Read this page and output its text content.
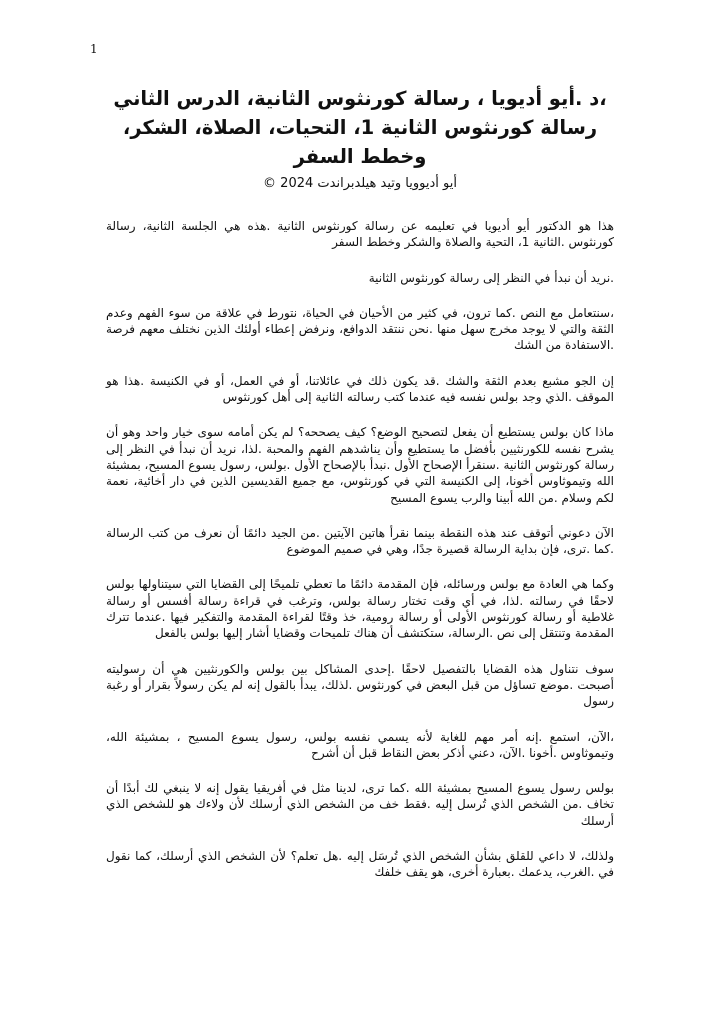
1
،د .أيو أديويا ، رسالة كورنثوس الثانية، الدرس الثاني رسالة كورنثوس الثانية 1، التحيات، الصلاة، الشكر، وخطط السفر
أيو أديوويا وتيد هيلدبراندت 2024 ©

هذا هو الدكتور أيو أديويا في تعليمه عن رسالة كورنثوس الثانية .هذه هي الجلسة الثانية، رسالة كورنثوس .الثانية 1، التحية والصلاة والشكر وخطط السفر

.نريد أن نبدأ في النظر إلى رسالة كورنثوس الثانية

،سنتعامل مع النص .كما ترون، في كثير من الأحيان في الحياة، نتورط في علاقة من سوء الفهم وعدم الثقة والتي لا يوجد مخرج سهل منها .نحن ننتقد الدوافع، ونرفض إعطاء أولئك الذين نختلف معهم فرصة .الاستفادة من الشك

إن الجو مشبع بعدم الثقة والشك .قد يكون ذلك في عائلاتنا، أو في العمل، أو في الكنيسة .هذا هو الموقف .الذي وجد بولس نفسه فيه عندما كتب رسالته الثانية إلى أهل كورنثوس

ماذا كان بولس يستطيع أن يفعل لتصحيح الوضع؟ كيف يصححه؟ لم يكن أمامه سوى خيار واحد وهو أن يشرح نفسه للكورنثيين بأفضل ما يستطيع وأن يناشدهم الفهم والمحبة .لذا، نريد أن نبدأ في النظر إلى رسالة كورنثوس الثانية .سنقرأ الإصحاح الأول .نبدأ بالإصحاح الأول .بولس، رسول يسوع المسيح، بمشيئة الله وتيموثاوس أخونا، إلى الكنيسة التي في كورنثوس، مع جميع القديسين الذين في دار أخائية، نعمة لكم وسلام .من الله أبينا والرب يسوع المسيح

الآن دعوني أتوقف عند هذه النقطة بينما نقرأ هاتين الآيتين .من الجيد دائمًا أن نعرف من كتب الرسالة .كما .ترى، فإن بداية الرسالة قصيرة جدًا، وهي في صميم الموضوع

وكما هي العادة مع بولس ورسائله، فإن المقدمة دائمًا ما تعطي تلميحًا إلى القضايا التي سيتناولها بولس لاحقًا في رسالته .لذا، في أي وقت تختار رسالة بولس، وترغب في قراءة رسالة أفسس أو رسالة غلاطية أو رسالة كورنثوس الأولى أو رسالة رومية، خذ وقتًا لقراءة المقدمة والتفكير فيها .عندما تترك المقدمة وتنتقل إلى نص .الرسالة، ستكتشف أن هناك تلميحات وقضايا أشار إليها بولس بالفعل

سوف نتناول هذه القضايا بالتفصيل لاحقًا .إحدى المشاكل بين بولس والكورنثيين هي أن رسوليته أصبحت .موضع تساؤل من قبل البعض في كورنثوس .لذلك، يبدأ بالقول إنه لم يكن رسولاً بقرار أو رغبة رسول

،الآن، استمع .إنه أمر مهم للغاية لأنه يسمي نفسه بولس، رسول يسوع المسيح ، بمشيئة الله، وتيموثاوس .أخونا .الآن، دعني أذكر بعض النقاط قبل أن أشرح

بولس رسول يسوع المسيح بمشيئة الله .كما ترى، لدينا مثل في أفريقيا يقول إنه لا ينبغي لك أبدًا أن تخاف .من الشخص الذي تُرسل إليه .فقط خف من الشخص الذي أرسلك لأن ولاءك هو للشخص الذي أرسلك

ولذلك، لا داعي للقلق بشأن الشخص الذي تُرسَل إليه .هل تعلم؟ لأن الشخص الذي أرسلك، كما نقول في .الغرب، يدعمك .بعبارة أخرى، هو يقف خلفك
